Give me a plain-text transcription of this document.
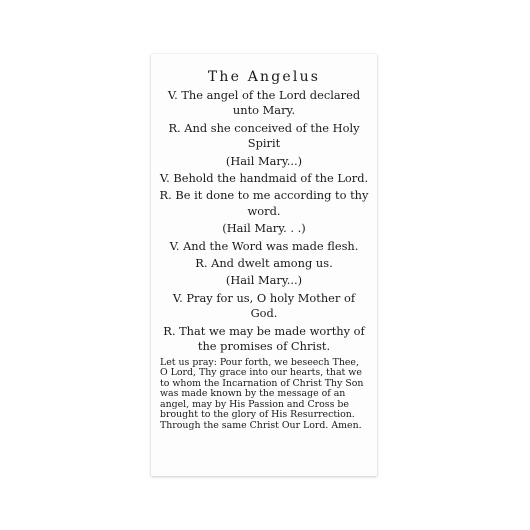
The Angelus
V. The angel of the Lord declared unto Mary.
R. And she conceived of the Holy Spirit
(Hail Mary...)
V. Behold the handmaid of the Lord.
R. Be it done to me according to thy word.
(Hail Mary. . .)
V. And the Word was made flesh.
R. And dwelt among us.
(Hail Mary...)
V. Pray for us, O holy Mother of God.
R. That we may be made worthy of the promises of Christ.
Let us pray: Pour forth, we beseech Thee, O Lord, Thy grace into our hearts, that we to whom the Incarnation of Christ Thy Son was made known by the message of an angel, may by His Passion and Cross be brought to the glory of His Resurrection. Through the same Christ Our Lord. Amen.
